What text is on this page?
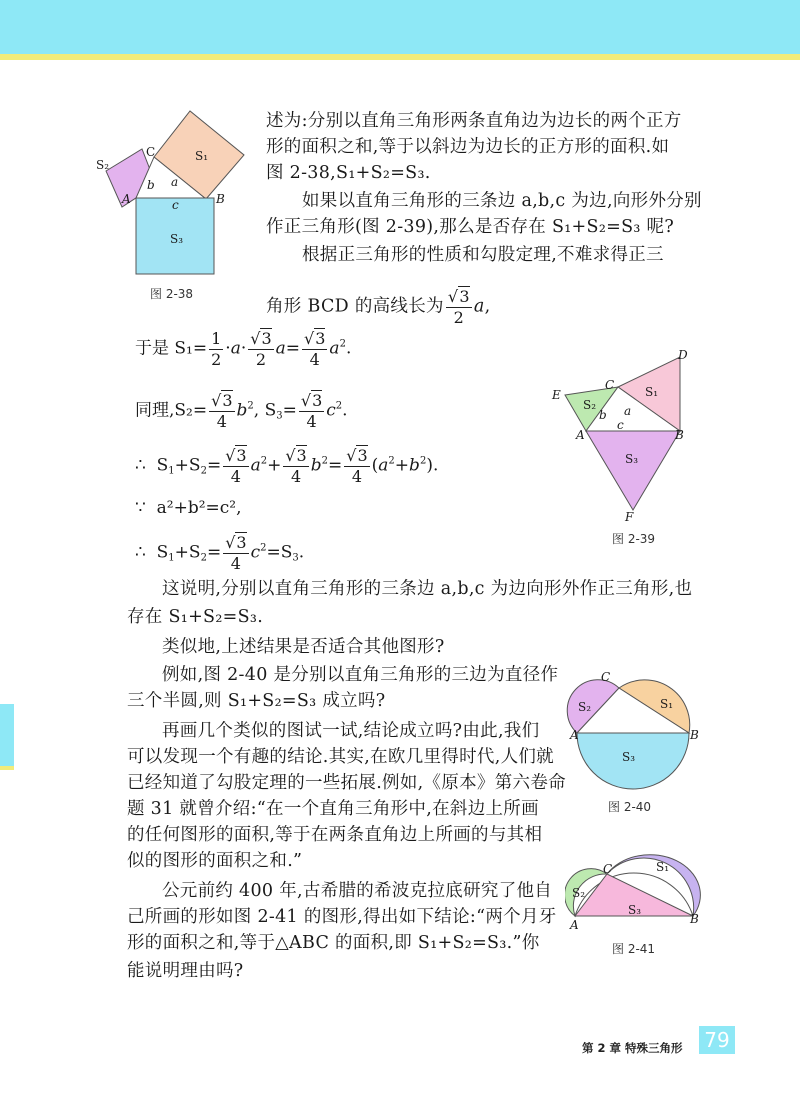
C
S₂
S₁
b a
A	B
c
S₃
图 2-38
述为:分别以直角三角形两条直角边为边长的两个正方
形的面积之和,等于以斜边为边长的正方形的面积.如
图 2-38,S₁+S₂=S₃.
如果以直角三角形的三条边 a,b,c 为边,向形外分别
作正三角形(图 2-39),那么是否存在 S₁+S₂=S₃ 呢?
根据正三角形的性质和勾股定理,不难求得正三
角形 BCD 的高线长为 $\frac{√3}{2} a$,
于是 $S_1= \frac{1}{2} \cdot a\cdot \frac{√3}{2} a= \frac{√3}{4} a^2$.
同理$,S_2= \frac{√3}{4} b^2$, $S_3= \frac{√3}{4} c^2$.
∴  $S_1+S_2= \frac{√3}{4} a^2+ \frac{√3}{4} b^2= \frac{√3}{4} (a^2+b^2)$.
∵ a²+b²=c²,
∴  $S_1+S_2= \frac{√3}{4} c^2=S_3$.
D
E
C	S₁
S₂
b a
c
A	B
S₃
F
图 2-39
这说明,分别以直角三角形的三条边 a,b,c 为边向形外作正三角形,也
存在 S₁+S₂=S₃.
类似地,上述结果是否适合其他图形?
例如,图 2-40 是分别以直角三角形的三边为直径作
三个半圆,则 S₁+S₂=S₃ 成立吗?
再画几个类似的图试一试,结论成立吗?由此,我们
可以发现一个有趣的结论.其实,在欧几里得时代,人们就
已经知道了勾股定理的一些拓展.例如,《原本》第六卷命
题 31 就曾介绍:“在一个直角三角形中,在斜边上所画
的任何图形的面积,等于在两条直角边上所画的与其相
似的图形的面积之和.”
公元前约 400 年,古希腊的希波克拉底研究了他自
己所画的形如图 2-41 的图形,得出如下结论:“两个月牙
形的面积之和,等于△ABC 的面积,即 S₁+S₂=S₃.”你
能说明理由吗?
C
S₂	S₁
A	B
S₃
图 2-40
C	S₁
S₂
S₃
A	B
图 2-41
第 2 章 特殊三角形 79
